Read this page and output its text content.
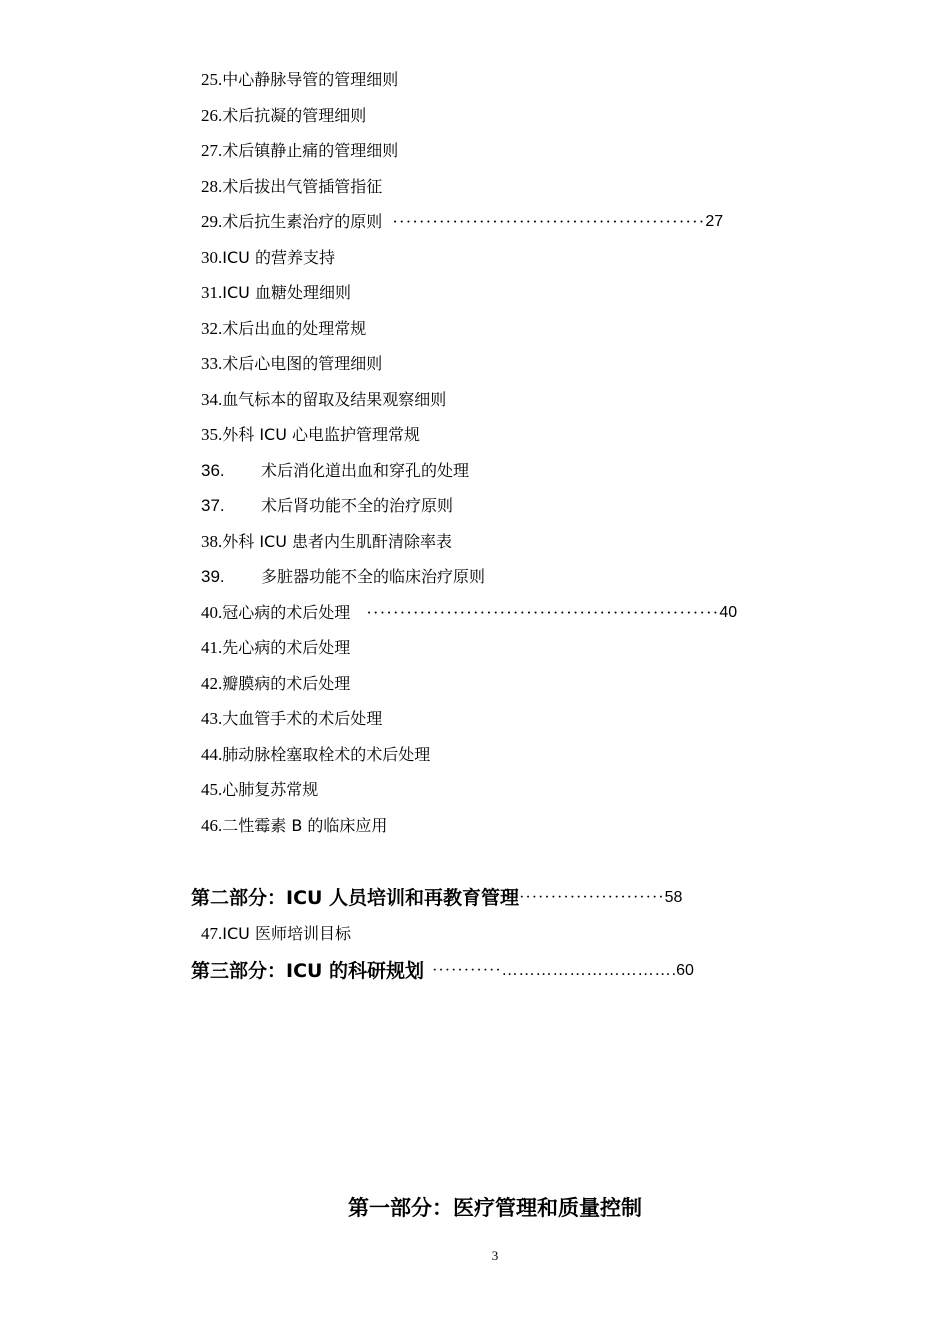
25. 中心静脉导管的管理细则
26. 术后抗凝的管理细则
27. 术后镇静止痛的管理细则
28. 术后拔出气管插管指征
29. 术后抗生素治疗的原则 ··············································· 27
30. ICU 的营养支持
31. ICU 血糖处理细则
32. 术后出血的处理常规
33. 术后心电图的管理细则
34. 血气标本的留取及结果观察细则
35. 外科 ICU 心电监护管理常规
36.	术后消化道出血和穿孔的处理
37.	术后肾功能不全的治疗原则
38. 外科 ICU 患者内生肌酐清除率表
39.	多脏器功能不全的临床治疗原则
40. 冠心病的术后处理 ····················································· 40
41. 先心病的术后处理
42. 瓣膜病的术后处理
43. 大血管手术的术后处理
44. 肺动脉栓塞取栓术的术后处理
45. 心肺复苏常规
46. 二性霉素 B 的临床应用
第二部分：ICU 人员培训和再教育管理 ······················· 58
47. ICU 医师培训目标
第三部分：ICU 的科研规划 ···········………………………… .60
第一部分：医疗管理和质量控制
3
